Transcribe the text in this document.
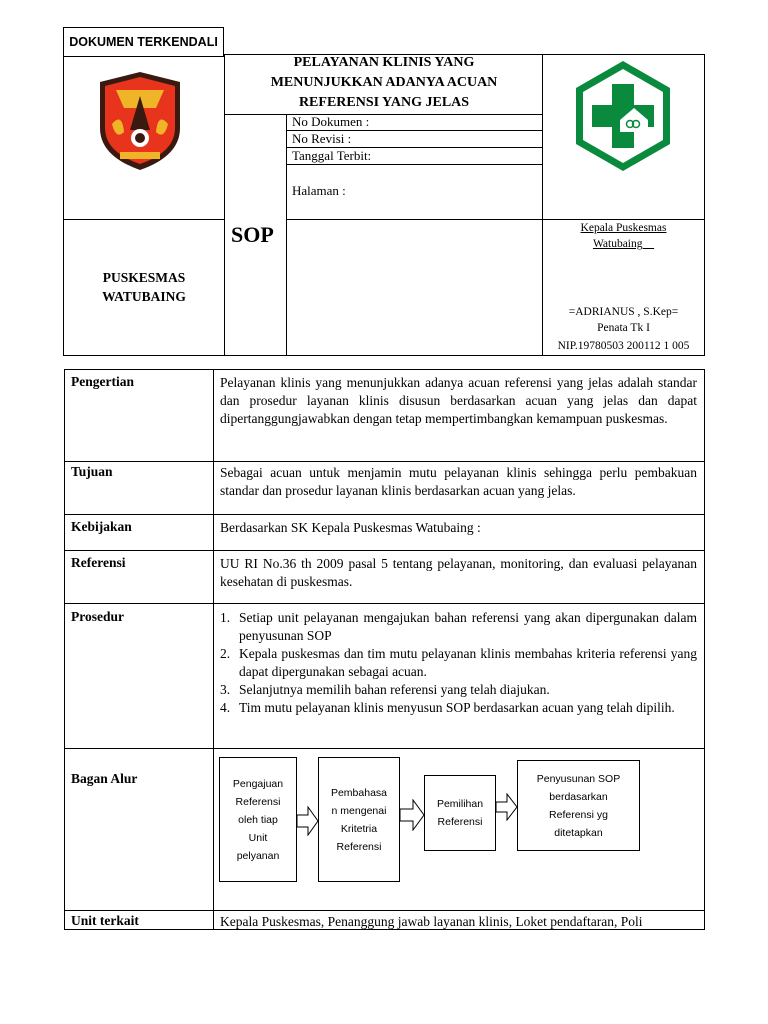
DOKUMEN TERKENDALI
PELAYANAN KLINIS YANG
MENUNJUKKAN ADANYA ACUAN
REFERENSI YANG JELAS
No Dokumen :
No Revisi :
Tanggal Terbit:
Halaman :
SOP
PUSKESMAS
WATUBAING
Kepala Puskesmas
Watubaing__
=ADRIANUS , S.Kep=
Penata Tk I
NIP.19780503 200112 1 005
Pengertian	Pelayanan klinis yang menunjukkan adanya acuan referensi yang jelas adalah standar dan prosedur layanan klinis disusun berdasarkan acuan yang jelas dan dapat dipertanggungjawabkan dengan tetap mempertimbangkan kemampuan puskesmas.
Tujuan	Sebagai acuan untuk menjamin mutu pelayanan klinis sehingga perlu pembakuan standar dan prosedur layanan klinis berdasarkan acuan yang jelas.
Kebijakan	Berdasarkan SK Kepala Puskesmas Watubaing :
Referensi	UU RI No.36 th 2009 pasal 5 tentang pelayanan, monitoring, dan evaluasi pelayanan kesehatan di puskesmas.
Prosedur	1. Setiap unit pelayanan mengajukan bahan referensi yang akan dipergunakan dalam penyusunan SOP
2. Kepala puskesmas dan tim mutu pelayanan klinis membahas kriteria referensi yang dapat dipergunakan sebagai acuan.
3. Selanjutnya memilih bahan referensi yang telah diajukan.
4. Tim mutu pelayanan klinis menyusun SOP berdasarkan acuan yang telah dipilih.
Bagan Alur	Pengajuan
Referensi
oleh tiap
Unit
pelyanan
Pembahasa
n mengenai
Kritetria
Referensi
Pemilihan
Referensi
Penyusunan SOP
berdasarkan
Referensi yg
ditetapkan
Unit terkait	Kepala Puskesmas, Penanggung jawab layanan klinis, Loket pendaftaran, Poli
